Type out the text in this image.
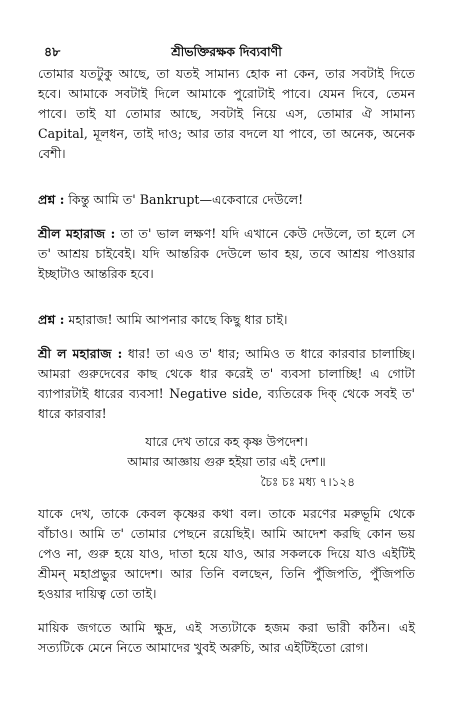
৪৮	শ্রীভক্তিরক্ষক দিব্যবাণী

তোমার যতটুকু আছে, তা যতই সামান্য হোক না কেন, তার সবটাই দিতে হবে। আমাকে সবটাই দিলে আমাকে পুরোটাই পাবে। যেমন দিবে, তেমন পাবে। তাই যা তোমার আছে, সবটাই নিয়ে এস, তোমার ঐ সামান্য Capital, মূলধন, তাই দাও; আর তার বদলে যা পাবে, তা অনেক, অনেক বেশী।

প্রশ্ন : কিন্তু আমি ত' Bankrupt—একেবারে দেউলে!

শ্রীল মহারাজ : তা ত' ভাল লক্ষণ! যদি এখানে কেউ দেউলে, তা হলে সে ত' আশ্রয় চাইবেই। যদি আন্তরিক দেউলে ভাব হয়, তবে আশ্রয় পাওয়ার ইচ্ছাটাও আন্তরিক হবে।

প্রশ্ন : মহারাজ! আমি আপনার কাছে কিছু ধার চাই।

শ্রী ল মহারাজ : ধার! তা এও ত' ধার; আমিও ত ধারে কারবার চালাচ্ছি। আমরা গুরুদেবের কাছ থেকে ধার করেই ত' ব্যবসা চালাচ্ছি! এ গোটা ব্যাপারটাই ধারের ব্যবসা! Negative side, ব্যতিরেক দিক্ থেকে সবই ত' ধারে কারবার!

যারে দেখ তারে কহ কৃষ্ণ উপদেশ।
আমার আজ্ঞায় গুরু হইয়া তার এই দেশ॥
চৈঃ চঃ মধ্য ৭।১২৪

যাকে দেখ, তাকে কেবল কৃষ্ণের কথা বল। তাকে মরণের মরুভূমি থেকে বাঁচাও। আমি ত' তোমার পেছনে রয়েছিই। আমি আদেশ করছি কোন ভয় পেও না, গুরু হয়ে যাও, দাতা হয়ে যাও, আর সকলকে দিয়ে যাও এইটিই শ্রীমন্ মহাপ্রভুর আদেশ। আর তিনি বলছেন, তিনি পুঁজিপতি, পুঁজিপতি হওয়ার দায়িত্ব তো তাই।

মায়িক জগতে আমি ক্ষুদ্র, এই সত্যটাকে হজম করা ভারী কঠিন। এই সত্যটিকে মেনে নিতে আমাদের খুবই অরুচি, আর এইটিইতো রোগ।
